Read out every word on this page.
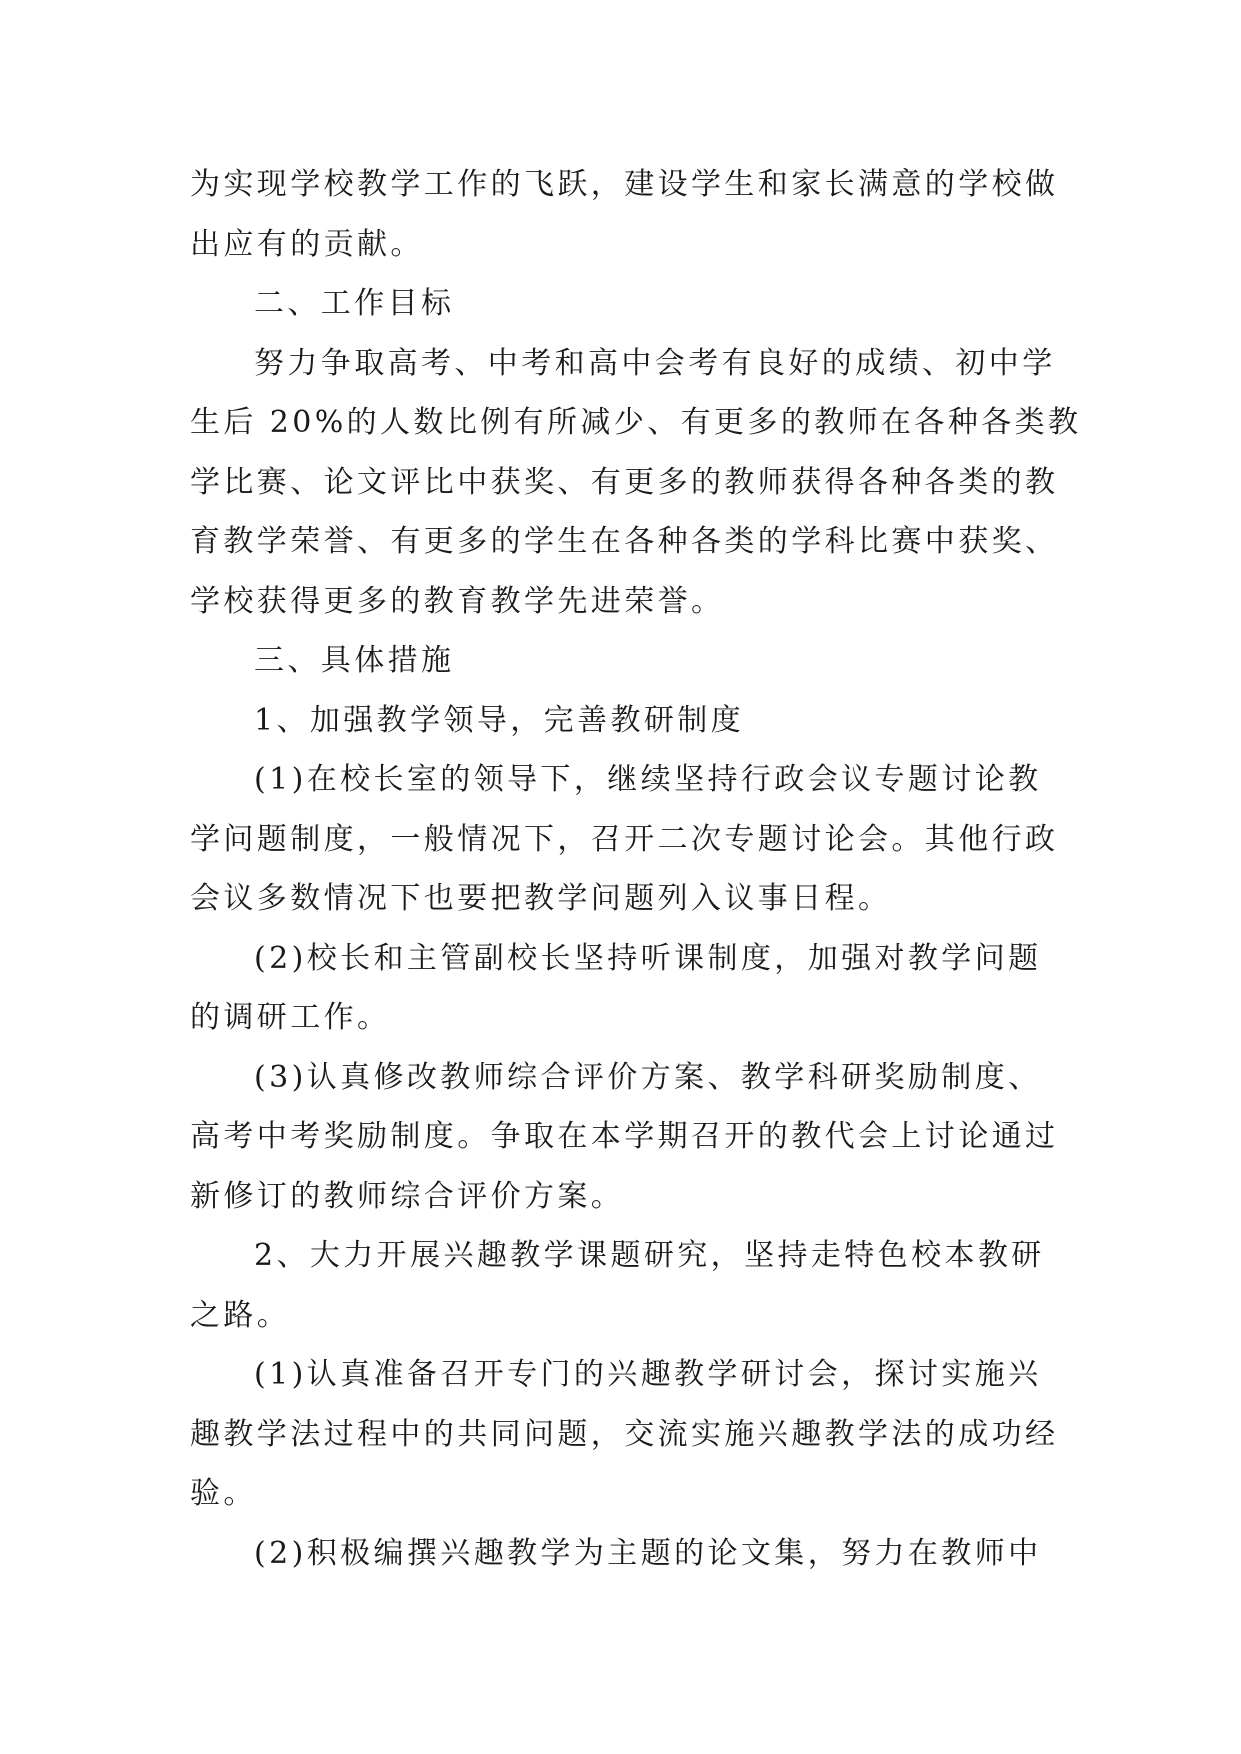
为实现学校教学工作的飞跃，建设学生和家长满意的学校做
出应有的贡献。
二、工作目标
努力争取高考、中考和高中会考有良好的成绩、初中学
生后 20%的人数比例有所减少、有更多的教师在各种各类教
学比赛、论文评比中获奖、有更多的教师获得各种各类的教
育教学荣誉、有更多的学生在各种各类的学科比赛中获奖、
学校获得更多的教育教学先进荣誉。
三、具体措施
1、加强教学领导，完善教研制度
(1)在校长室的领导下，继续坚持行政会议专题讨论教
学问题制度，一般情况下，召开二次专题讨论会。其他行政
会议多数情况下也要把教学问题列入议事日程。
(2)校长和主管副校长坚持听课制度，加强对教学问题
的调研工作。
(3)认真修改教师综合评价方案、教学科研奖励制度、
高考中考奖励制度。争取在本学期召开的教代会上讨论通过
新修订的教师综合评价方案。
2、大力开展兴趣教学课题研究，坚持走特色校本教研
之路。
(1)认真准备召开专门的兴趣教学研讨会，探讨实施兴
趣教学法过程中的共同问题，交流实施兴趣教学法的成功经
验。
(2)积极编撰兴趣教学为主题的论文集，努力在教师中
